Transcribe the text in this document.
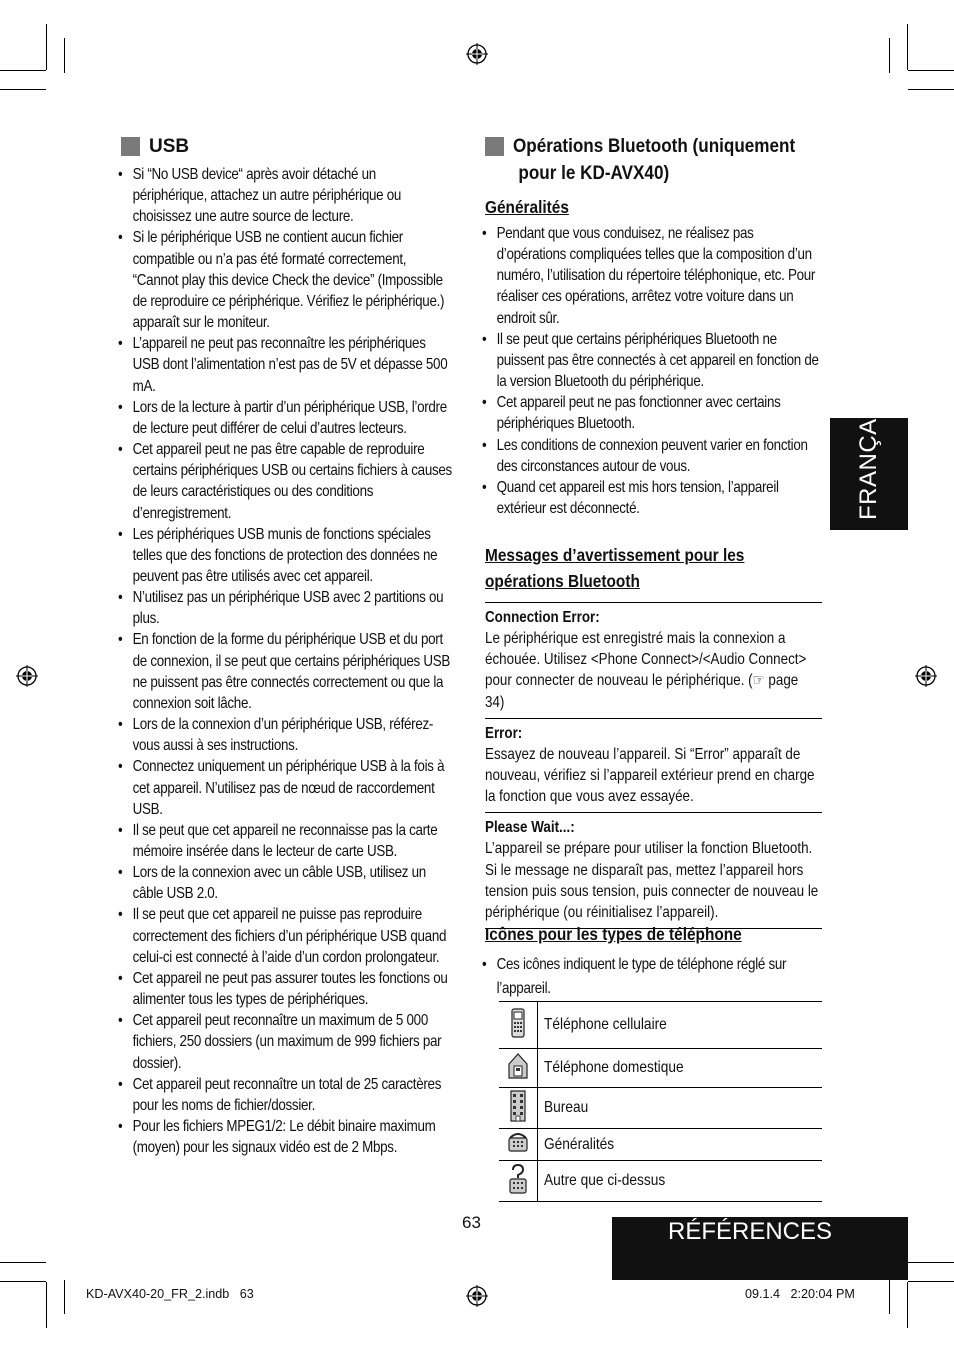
USB
• Si “No USB device“ après avoir détaché un périphérique, attachez un autre périphérique ou choisissez une autre source de lecture.
• Si le périphérique USB ne contient aucun fichier compatible ou n’a pas été formaté correctement, “Cannot play this device Check the device” (Impossible de reproduire ce périphérique. Vérifiez le périphérique.) apparaît sur le moniteur.
• L’appareil ne peut pas reconnaître les périphériques USB dont l’alimentation n’est pas de 5V et dépasse 500 mA.
• Lors de la lecture à partir d’un périphérique USB, l’ordre de lecture peut différer de celui d’autres lecteurs.
• Cet appareil peut ne pas être capable de reproduire certains périphériques USB ou certains fichiers à causes de leurs caractéristiques ou des conditions d’enregistrement.
• Les périphériques USB munis de fonctions spéciales telles que des fonctions de protection des données ne peuvent pas être utilisés avec cet appareil.
• N’utilisez pas un périphérique USB avec 2 partitions ou plus.
• En fonction de la forme du périphérique USB et du port de connexion, il se peut que certains périphériques USB ne puissent pas être connectés correctement ou que la connexion soit lâche.
• Lors de la connexion d’un périphérique USB, référez-vous aussi à ses instructions.
• Connectez uniquement un périphérique USB à la fois à cet appareil. N’utilisez pas de nœud de raccordement USB.
• Il se peut que cet appareil ne reconnaisse pas la carte mémoire insérée dans le lecteur de carte USB.
• Lors de la connexion avec un câble USB, utilisez un câble USB 2.0.
• Il se peut que cet appareil ne puisse pas reproduire correctement des fichiers d’un périphérique USB quand celui-ci est connecté à l’aide d’un cordon prolongateur.
• Cet appareil ne peut pas assurer toutes les fonctions ou alimenter tous les types de périphériques.
• Cet appareil peut reconnaître un maximum de 5 000 fichiers, 250 dossiers (un maximum de 999 fichiers par dossier).
• Cet appareil peut reconnaître un total de 25 caractères pour les noms de fichier/dossier.
• Pour les fichiers MPEG1/2: Le débit binaire maximum (moyen) pour les signaux vidéo est de 2 Mbps.
Opérations Bluetooth (uniquement
pour le KD-AVX40)
Généralités
• Pendant que vous conduisez, ne réalisez pas d’opérations compliquées telles que la composition d’un numéro, l’utilisation du répertoire téléphonique, etc. Pour réaliser ces opérations, arrêtez votre voiture dans un endroit sûr.
• Il se peut que certains périphériques Bluetooth ne puissent pas être connectés à cet appareil en fonction de la version Bluetooth du périphérique.
• Cet appareil peut ne pas fonctionner avec certains périphériques Bluetooth.
• Les conditions de connexion peuvent varier en fonction des circonstances autour de vous.
• Quand cet appareil est mis hors tension, l’appareil extérieur est déconnecté.
Messages d’avertissement pour les
opérations Bluetooth
Connection Error:
Le périphérique est enregistré mais la connexion a échouée. Utilisez <Phone Connect>/<Audio Connect> pour connecter de nouveau le périphérique. (☞ page 34)
Error:
Essayez de nouveau l’appareil. Si “Error” apparaît de nouveau, vérifiez si l’appareil extérieur prend en charge la fonction que vous avez essayée.
Please Wait...:
L’appareil se prépare pour utiliser la fonction Bluetooth. Si le message ne disparaît pas, mettez l’appareil hors tension puis sous tension, puis connecter de nouveau le périphérique (ou réinitialisez l’appareil).
Icônes pour les types de téléphone
• Ces icônes indiquent le type de téléphone réglé sur l’appareil.
	Téléphone cellulaire
	Téléphone domestique
	Bureau
	Généralités
	Autre que ci-dessus
FRANÇAIS
63	RÉFÉRENCES
KD-AVX40-20_FR_2.indb   63	09.1.4   2:20:04 PM
